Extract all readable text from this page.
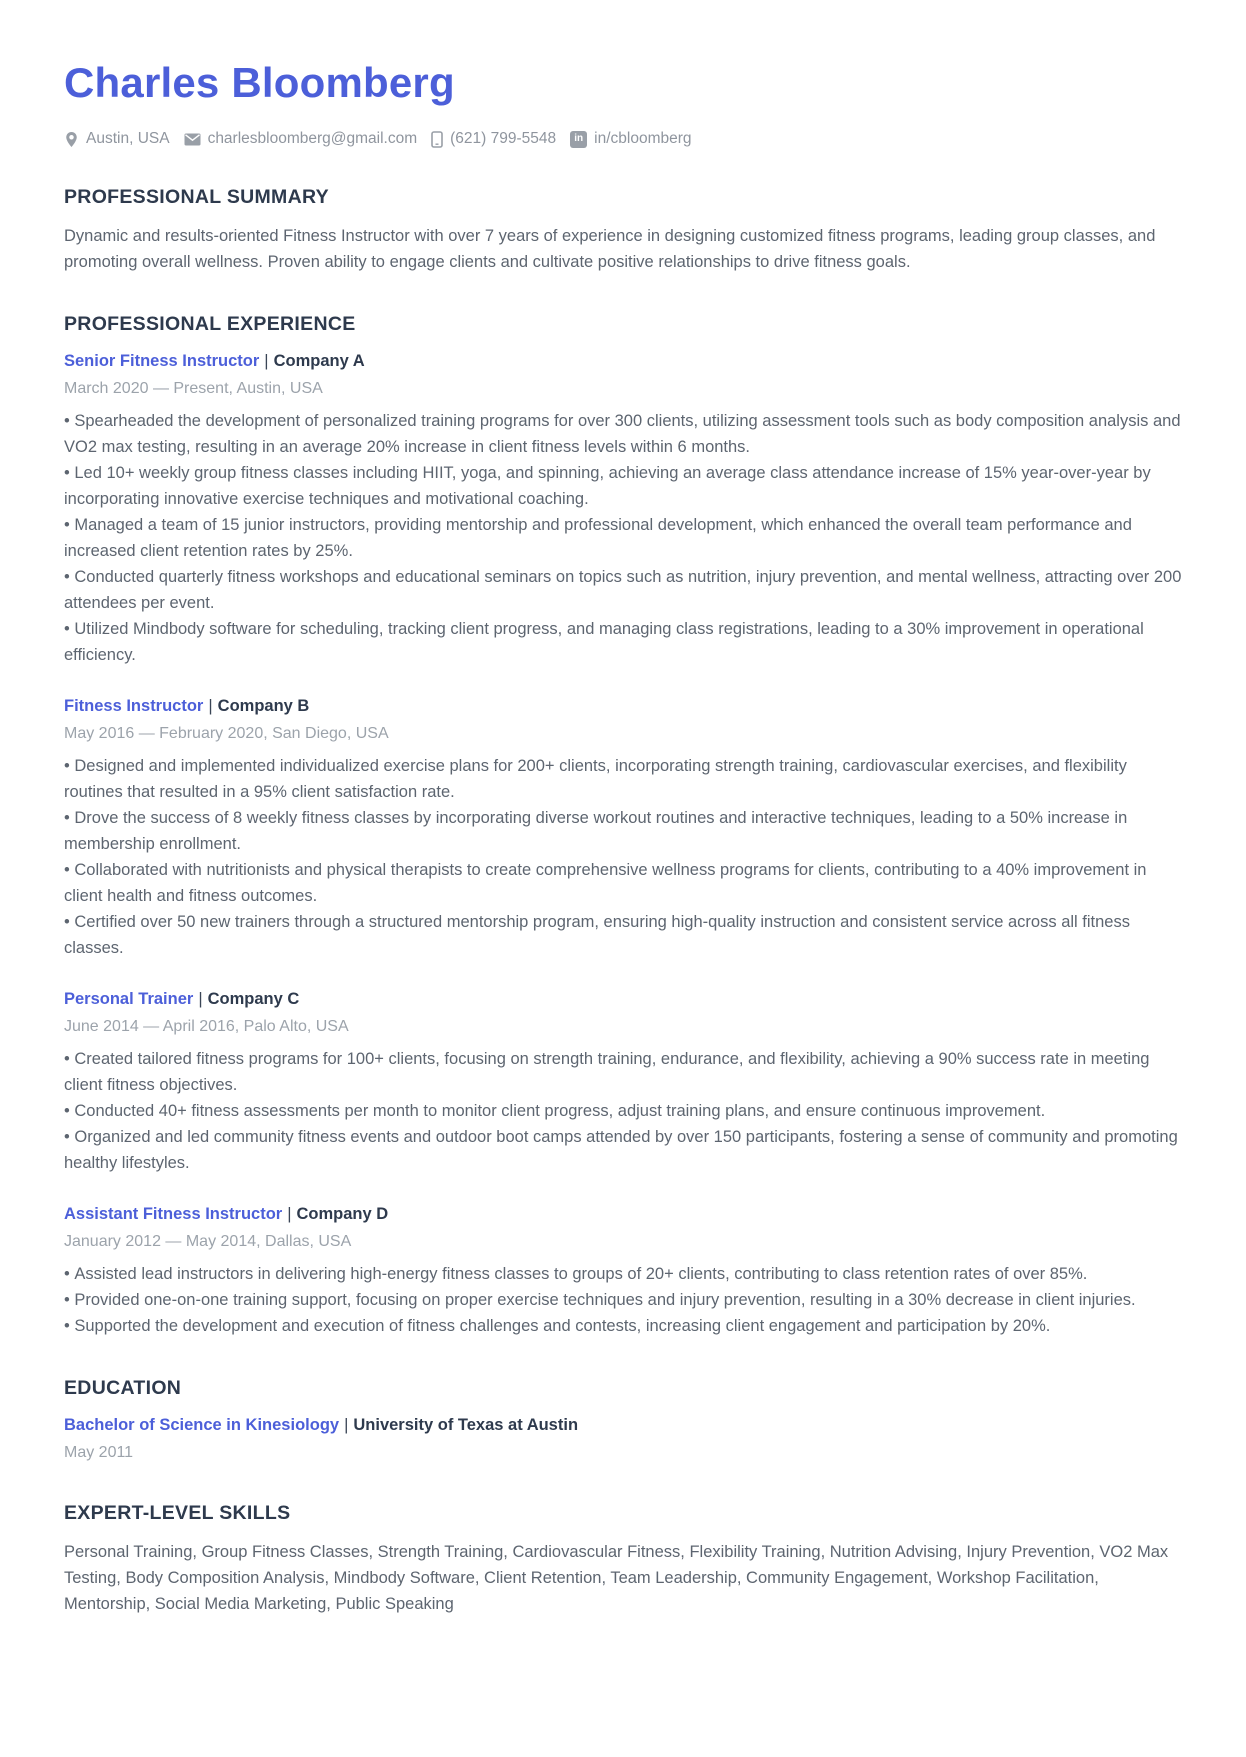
Charles Bloomberg
Austin, USA charlesbloomberg@gmail.com (621) 799-5548	in in/cbloomberg
PROFESSIONAL SUMMARY

Dynamic and results-oriented Fitness Instructor with over 7 years of experience in designing customized fitness programs, leading group classes, and promoting overall wellness. Proven ability to engage clients and cultivate positive relationships to drive fitness goals.

PROFESSIONAL EXPERIENCE
Senior Fitness Instructor | Company A
March 2020 — Present, Austin, USA
• Spearheaded the development of personalized training programs for over 300 clients, utilizing assessment tools such as body composition analysis and VO2 max testing, resulting in an average 20% increase in client fitness levels within 6 months.
• Led 10+ weekly group fitness classes including HIIT, yoga, and spinning, achieving an average class attendance increase of 15% year-over-year by incorporating innovative exercise techniques and motivational coaching.
• Managed a team of 15 junior instructors, providing mentorship and professional development, which enhanced the overall team performance and increased client retention rates by 25%.
• Conducted quarterly fitness workshops and educational seminars on topics such as nutrition, injury prevention, and mental wellness, attracting over 200 attendees per event.
• Utilized Mindbody software for scheduling, tracking client progress, and managing class registrations, leading to a 30% improvement in operational efficiency.
Fitness Instructor | Company B
May 2016 — February 2020, San Diego, USA
• Designed and implemented individualized exercise plans for 200+ clients, incorporating strength training, cardiovascular exercises, and flexibility routines that resulted in a 95% client satisfaction rate.
• Drove the success of 8 weekly fitness classes by incorporating diverse workout routines and interactive techniques, leading to a 50% increase in membership enrollment.
• Collaborated with nutritionists and physical therapists to create comprehensive wellness programs for clients, contributing to a 40% improvement in client health and fitness outcomes.
• Certified over 50 new trainers through a structured mentorship program, ensuring high-quality instruction and consistent service across all fitness classes.
Personal Trainer | Company C
June 2014 — April 2016, Palo Alto, USA
• Created tailored fitness programs for 100+ clients, focusing on strength training, endurance, and flexibility, achieving a 90% success rate in meeting client fitness objectives.
• Conducted 40+ fitness assessments per month to monitor client progress, adjust training plans, and ensure continuous improvement.
• Organized and led community fitness events and outdoor boot camps attended by over 150 participants, fostering a sense of community and promoting healthy lifestyles.
Assistant Fitness Instructor | Company D
January 2012 — May 2014, Dallas, USA
• Assisted lead instructors in delivering high-energy fitness classes to groups of 20+ clients, contributing to class retention rates of over 85%.
• Provided one-on-one training support, focusing on proper exercise techniques and injury prevention, resulting in a 30% decrease in client injuries.
• Supported the development and execution of fitness challenges and contests, increasing client engagement and participation by 20%.
EDUCATION
Bachelor of Science in Kinesiology | University of Texas at Austin
May 2011
EXPERT-LEVEL SKILLS

Personal Training, Group Fitness Classes, Strength Training, Cardiovascular Fitness, Flexibility Training, Nutrition Advising, Injury Prevention, VO2 Max Testing, Body Composition Analysis, Mindbody Software, Client Retention, Team Leadership, Community Engagement, Workshop Facilitation, Mentorship, Social Media Marketing, Public Speaking
